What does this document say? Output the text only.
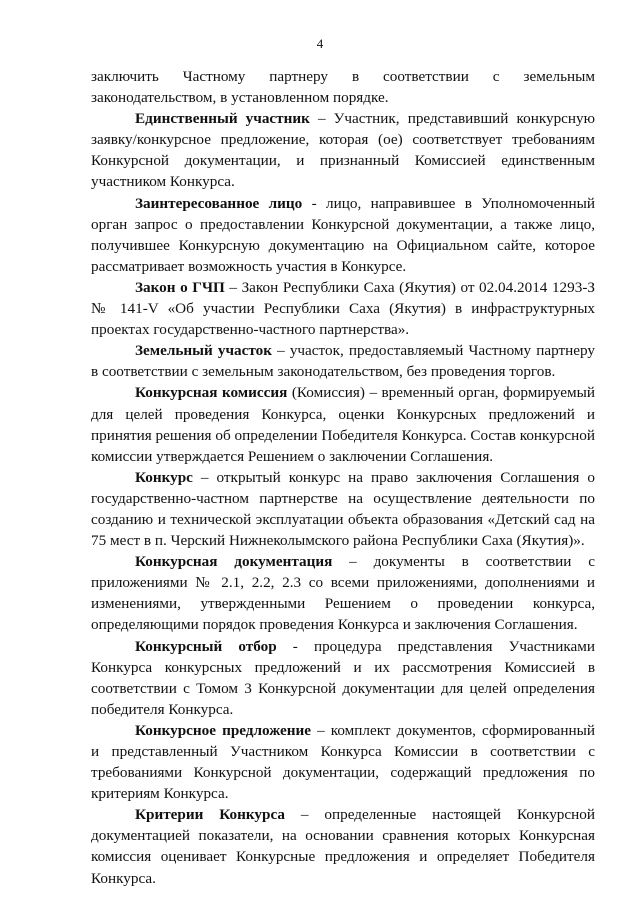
4

заключить Частному партнеру в соответствии с земельным законодательством, в установленном порядке.

Единственный участник – Участник, представивший конкурсную заявку/конкурсное предложение, которая (ое) соответствует требованиям Конкурсной документации, и признанный Комиссией единственным участником Конкурса.

Заинтересованное лицо - лицо, направившее в Уполномоченный орган запрос о предоставлении Конкурсной документации, а также лицо, получившее Конкурсную документацию на Официальном сайте, которое рассматривает возможность участия в Конкурсе.

Закон о ГЧП – Закон Республики Саха (Якутия) от 02.04.2014 1293-З № 141-V «Об участии Республики Саха (Якутия) в инфраструктурных проектах государственно-частного партнерства».

Земельный участок – участок, предоставляемый Частному партнеру в соответствии с земельным законодательством, без проведения торгов.

Конкурсная комиссия (Комиссия) – временный орган, формируемый для целей проведения Конкурса, оценки Конкурсных предложений и принятия решения об определении Победителя Конкурса. Состав конкурсной комиссии утверждается Решением о заключении Соглашения.

Конкурс – открытый конкурс на право заключения Соглашения о государственно-частном партнерстве на осуществление деятельности по созданию и технической эксплуатации объекта образования «Детский сад на 75 мест в п. Черский Нижнеколымского района Республики Саха (Якутия)».

Конкурсная документация – документы в соответствии с приложениями № 2.1, 2.2, 2.3 со всеми приложениями, дополнениями и изменениями, утвержденными Решением о проведении конкурса, определяющими порядок проведения Конкурса и заключения Соглашения.

Конкурсный отбор - процедура представления Участниками Конкурса конкурсных предложений и их рассмотрения Комиссией в соответствии с Томом 3 Конкурсной документации для целей определения победителя Конкурса.

Конкурсное предложение – комплект документов, сформированный и представленный Участником Конкурса Комиссии в соответствии с требованиями Конкурсной документации, содержащий предложения по критериям Конкурса.

Критерии Конкурса – определенные настоящей Конкурсной документацией показатели, на основании сравнения которых Конкурсная комиссия оценивает Конкурсные предложения и определяет Победителя Конкурса.
